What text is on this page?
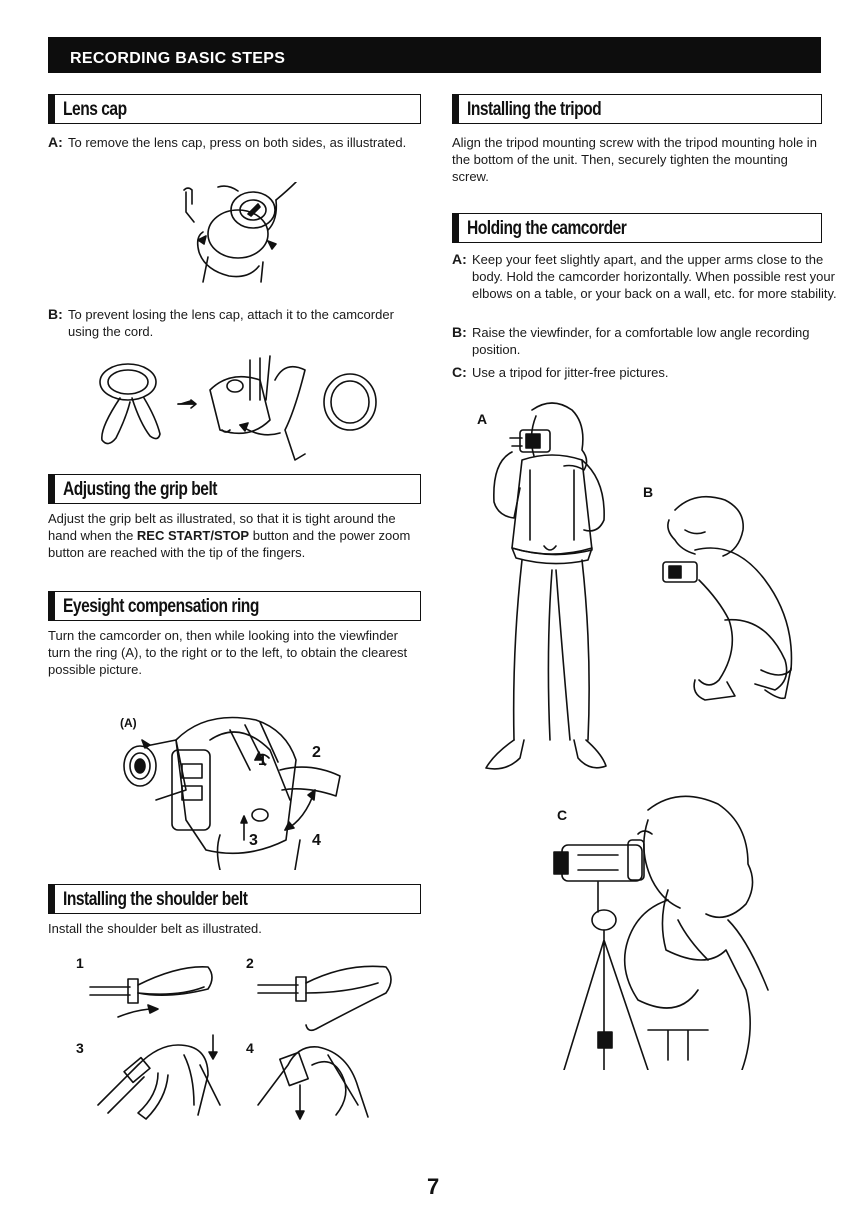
RECORDING BASIC STEPS
Lens cap
A: To remove the lens cap, press on both sides, as illustrated.
B: To prevent losing the lens cap, attach it to the camcorder using the cord.
Adjusting the grip belt
Adjust the grip belt as illustrated, so that it is tight around the hand when the REC START/STOP button and the power zoom button are reached with the tip of the fingers.
Eyesight compensation ring
Turn the camcorder on, then while looking into the viewfinder turn the ring (A), to the right or to the left, to obtain the clearest possible picture.
(A)
1	2
3	4
Installing the shoulder belt
Install the shoulder belt as illustrated.
1	2
3	4
Installing the tripod
Align the tripod mounting screw with the tripod mounting hole in the bottom of the unit. Then, securely tighten the mounting screw.
Holding the camcorder
A: Keep your feet slightly apart, and the upper arms close to the body. Hold the camcorder horizontally. When possible rest your elbows on a table, or your back on a wall, etc. for more stability.
B: Raise the viewfinder, for a comfortable low angle recording position.
C: Use a tripod for jitter-free pictures.
A
B
C
7
